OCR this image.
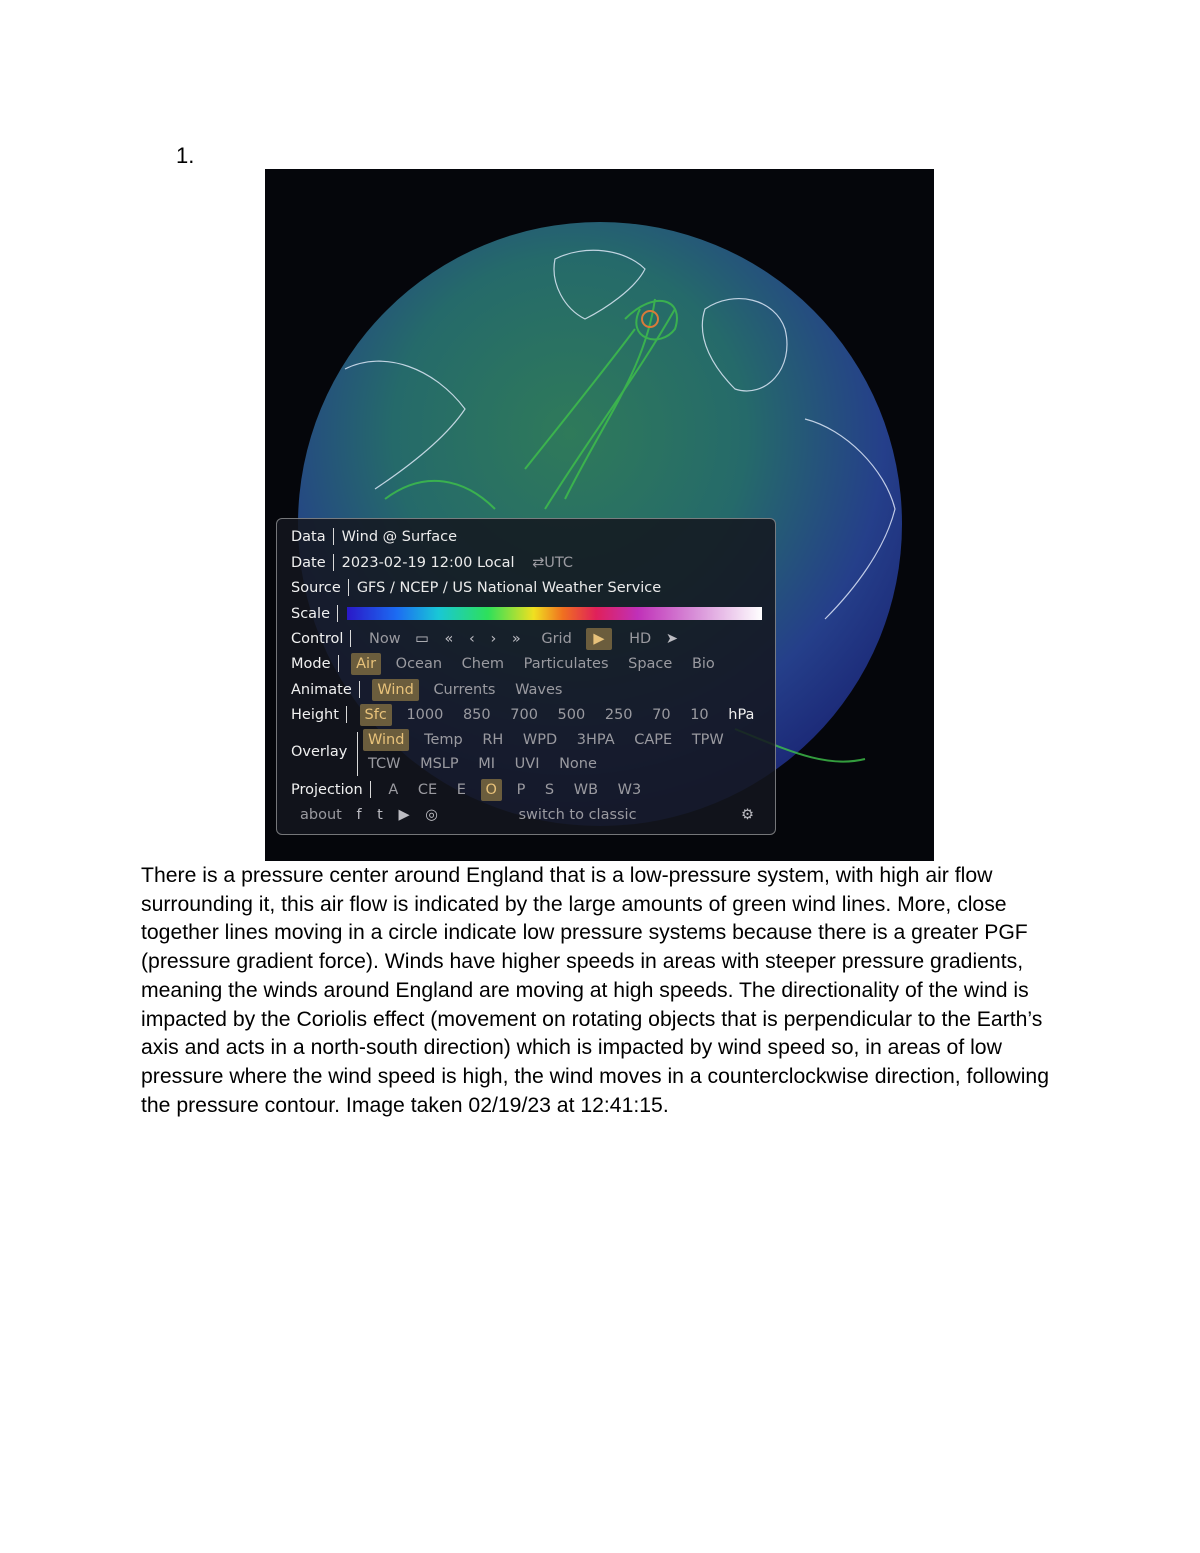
1.
Data Wind @ Surface
Date 2023-02-19 12:00 Local ⇄UTC
Source GFS / NCEP / US National Weather Service
Scale
Control Now ▭ « ‹ › » Grid ▶ HD ➤
Mode Air Ocean Chem Particulates Space Bio
Animate Wind Currents Waves
Height Sfc 1000 850 700 500 250 70 10 hPa
Overlay
Wind Temp RH WPD 3HPA CAPE TPW
TCW MSLP MI UVI None
Projection A CE E O P S WB W3
about f t ▶ ◎	switch to classic	⚙
There is a pressure center around England that is a low-pressure system, with high air flow surrounding it, this air flow is indicated by the large amounts of green wind lines. More, close together lines moving in a circle indicate low pressure systems because there is a greater PGF (pressure gradient force). Winds have higher speeds in areas with steeper pressure gradients, meaning the winds around England are moving at high speeds. The directionality of the wind is impacted by the Coriolis effect (movement on rotating objects that is perpendicular to the Earth’s axis and acts in a north-south direction) which is impacted by wind speed so, in areas of low pressure where the wind speed is high, the wind moves in a counterclockwise direction, following the pressure contour. Image taken 02/19/23 at 12:41:15.
